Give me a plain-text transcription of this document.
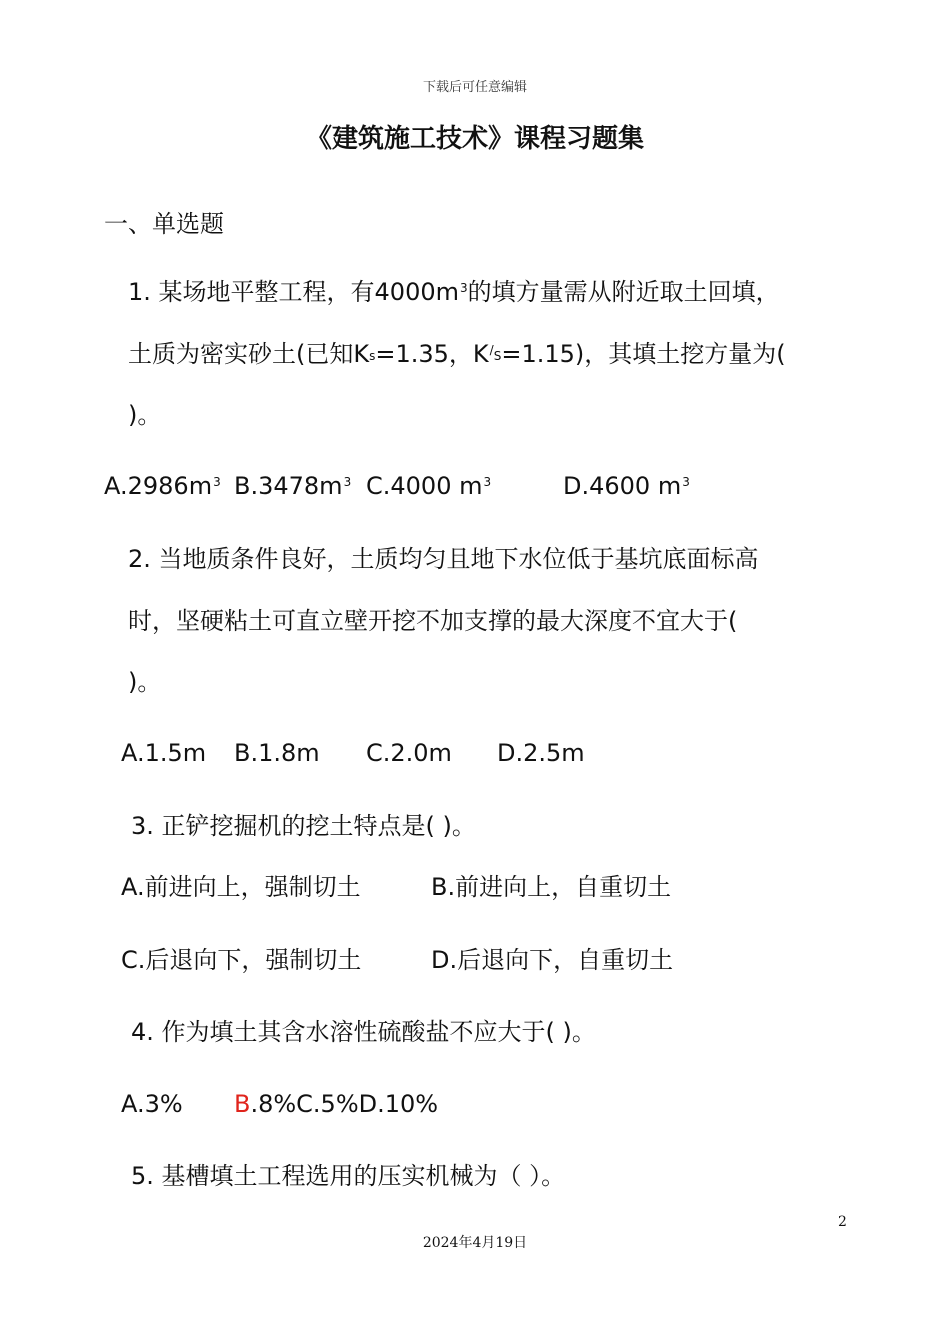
下载后可任意编辑
《建筑施工技术》课程习题集
一、单选题
1. 某场地平整工程，有$4000m^3$的填方量需从附近取土回填，
土质为密实砂土(已知$K_s=1.35$，$K^/_S=1.15$)，其填土挖方量为(
)。
$A.2986m^3$ $B.3478m^3$ C.4000 $m^3$	D.4600 $m^3$
2. 当地质条件良好，土质均匀且地下水位低于基坑底面标高
时，坚硬粘土可直立壁开挖不加支撑的最大深度不宜大于(
)。
A.1.5m B.1.8m C.2.0m D.2.5m
3. 正铲挖掘机的挖土特点是( )。
A.前进向上，强制切土	B.前进向上，自重切土
C.后退向下，强制切土	D.后退向下，自重切土
4. 作为填土其含水溶性硫酸盐不应大于( )。
A.3% B.8%C.5%D.10%
5. 基槽填土工程选用的压实机械为（ ）。
2
2024年4月19日
